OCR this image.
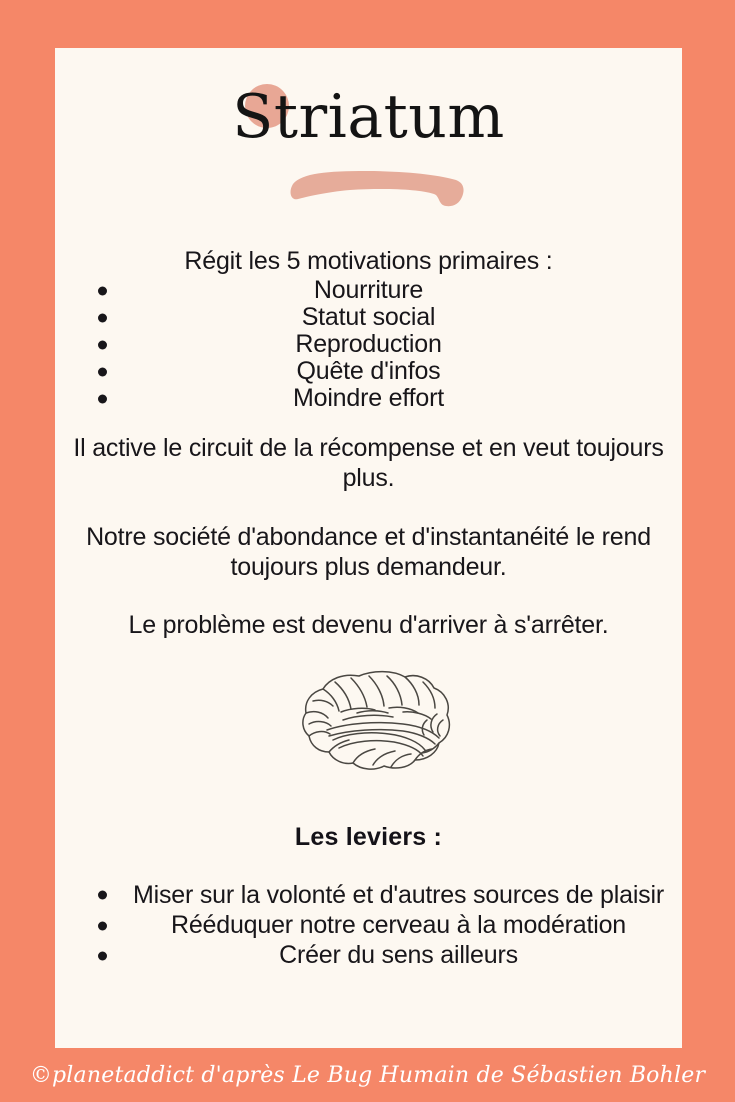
Striatum
Régit les 5 motivations primaires :
Nourriture
Statut social
Reproduction
Quête d'infos
Moindre effort

Il active le circuit de la récompense et en veut toujours plus.

Notre société d'abondance et d'instantanéité le rend toujours plus demandeur.

Le problème est devenu d'arriver à s'arrêter.

Les leviers :
Miser sur la volonté et d'autres sources de plaisir
Rééduquer notre cerveau à la modération
Créer du sens ailleurs
©planetaddict d'après Le Bug Humain de Sébastien Bohler
